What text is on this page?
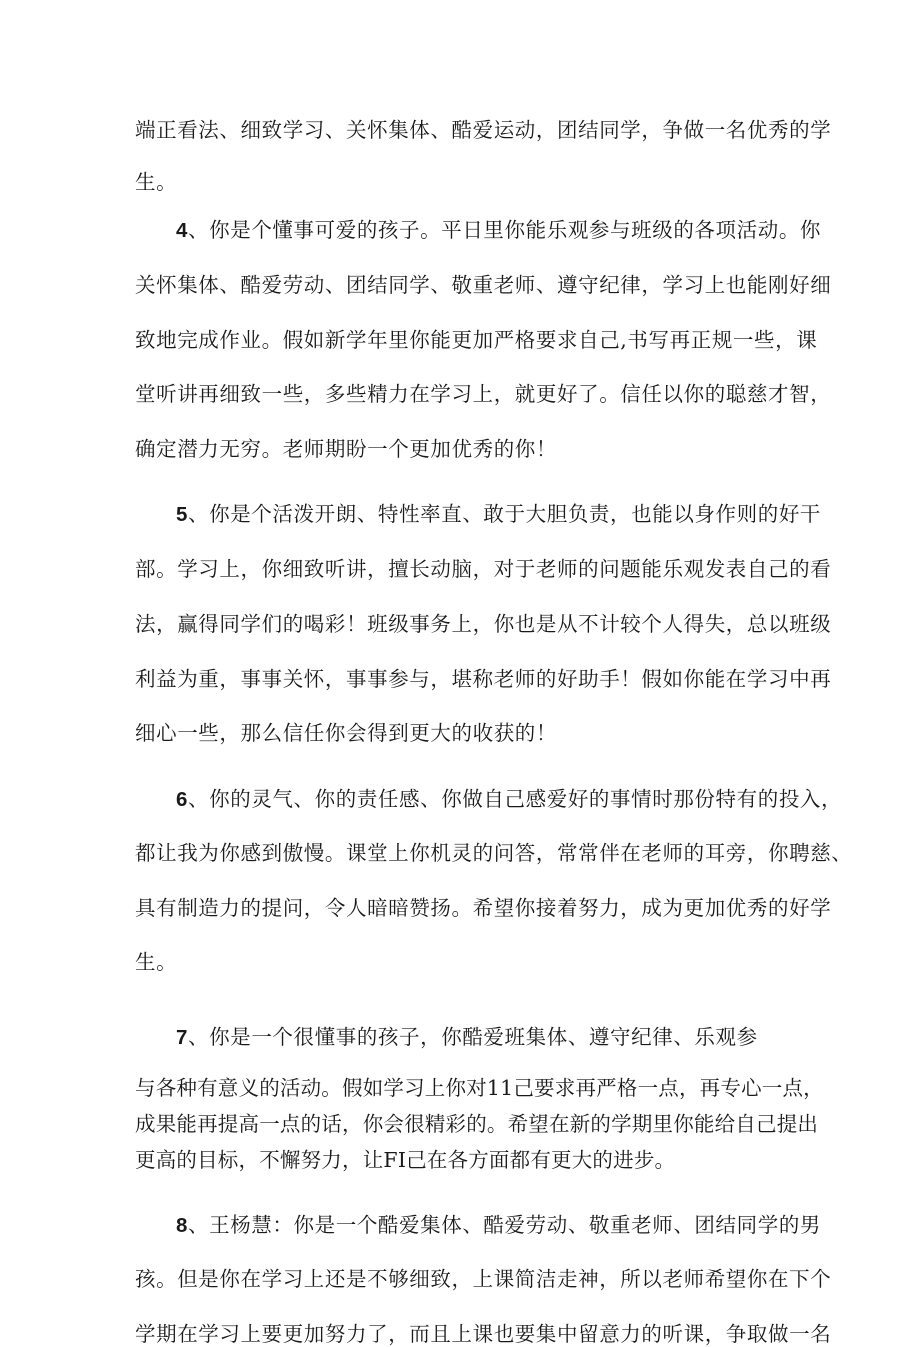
端正看法、细致学习、关怀集体、酷爱运动，团结同学，争做一名优秀的学
生。
4、你是个懂事可爱的孩子。平日里你能乐观参与班级的各项活动。你
关怀集体、酷爱劳动、团结同学、敬重老师、遵守纪律，学习上也能刚好细
致地完成作业。假如新学年里你能更加严格要求自己,书写再正规一些，课
堂听讲再细致一些，多些精力在学习上，就更好了。信任以你的聪慈才智，
确定潜力无穷。老师期盼一个更加优秀的你！
5、你是个活泼开朗、特性率直、敢于大胆负责，也能以身作则的好干
部。学习上，你细致听讲，擅长动脑，对于老师的问题能乐观发表自己的看
法，赢得同学们的喝彩！班级事务上，你也是从不计较个人得失，总以班级
利益为重，事事关怀，事事参与，堪称老师的好助手！假如你能在学习中再
细心一些，那么信任你会得到更大的收获的！
6、你的灵气、你的责任感、你做自己感爱好的事情时那份特有的投入，
都让我为你感到傲慢。课堂上你机灵的问答，常常伴在老师的耳旁，你聘慈、
具有制造力的提问，令人暗暗赞扬。希望你接着努力，成为更加优秀的好学
生。
7、你是一个很懂事的孩子，你酷爱班集体、遵守纪律、乐观参
与各种有意义的活动。假如学习上你对11己要求再严格一点，再专心一点，
成果能再提高一点的话，你会很精彩的。希望在新的学期里你能给自己提出
更高的目标，不懈努力，让FI己在各方面都有更大的进步。
8、王杨慧：你是一个酷爱集体、酷爱劳动、敬重老师、团结同学的男
孩。但是你在学习上还是不够细致，上课简洁走神，所以老师希望你在下个
学期在学习上要更加努力了，而且上课也要集中留意力的听课，争取做一名
